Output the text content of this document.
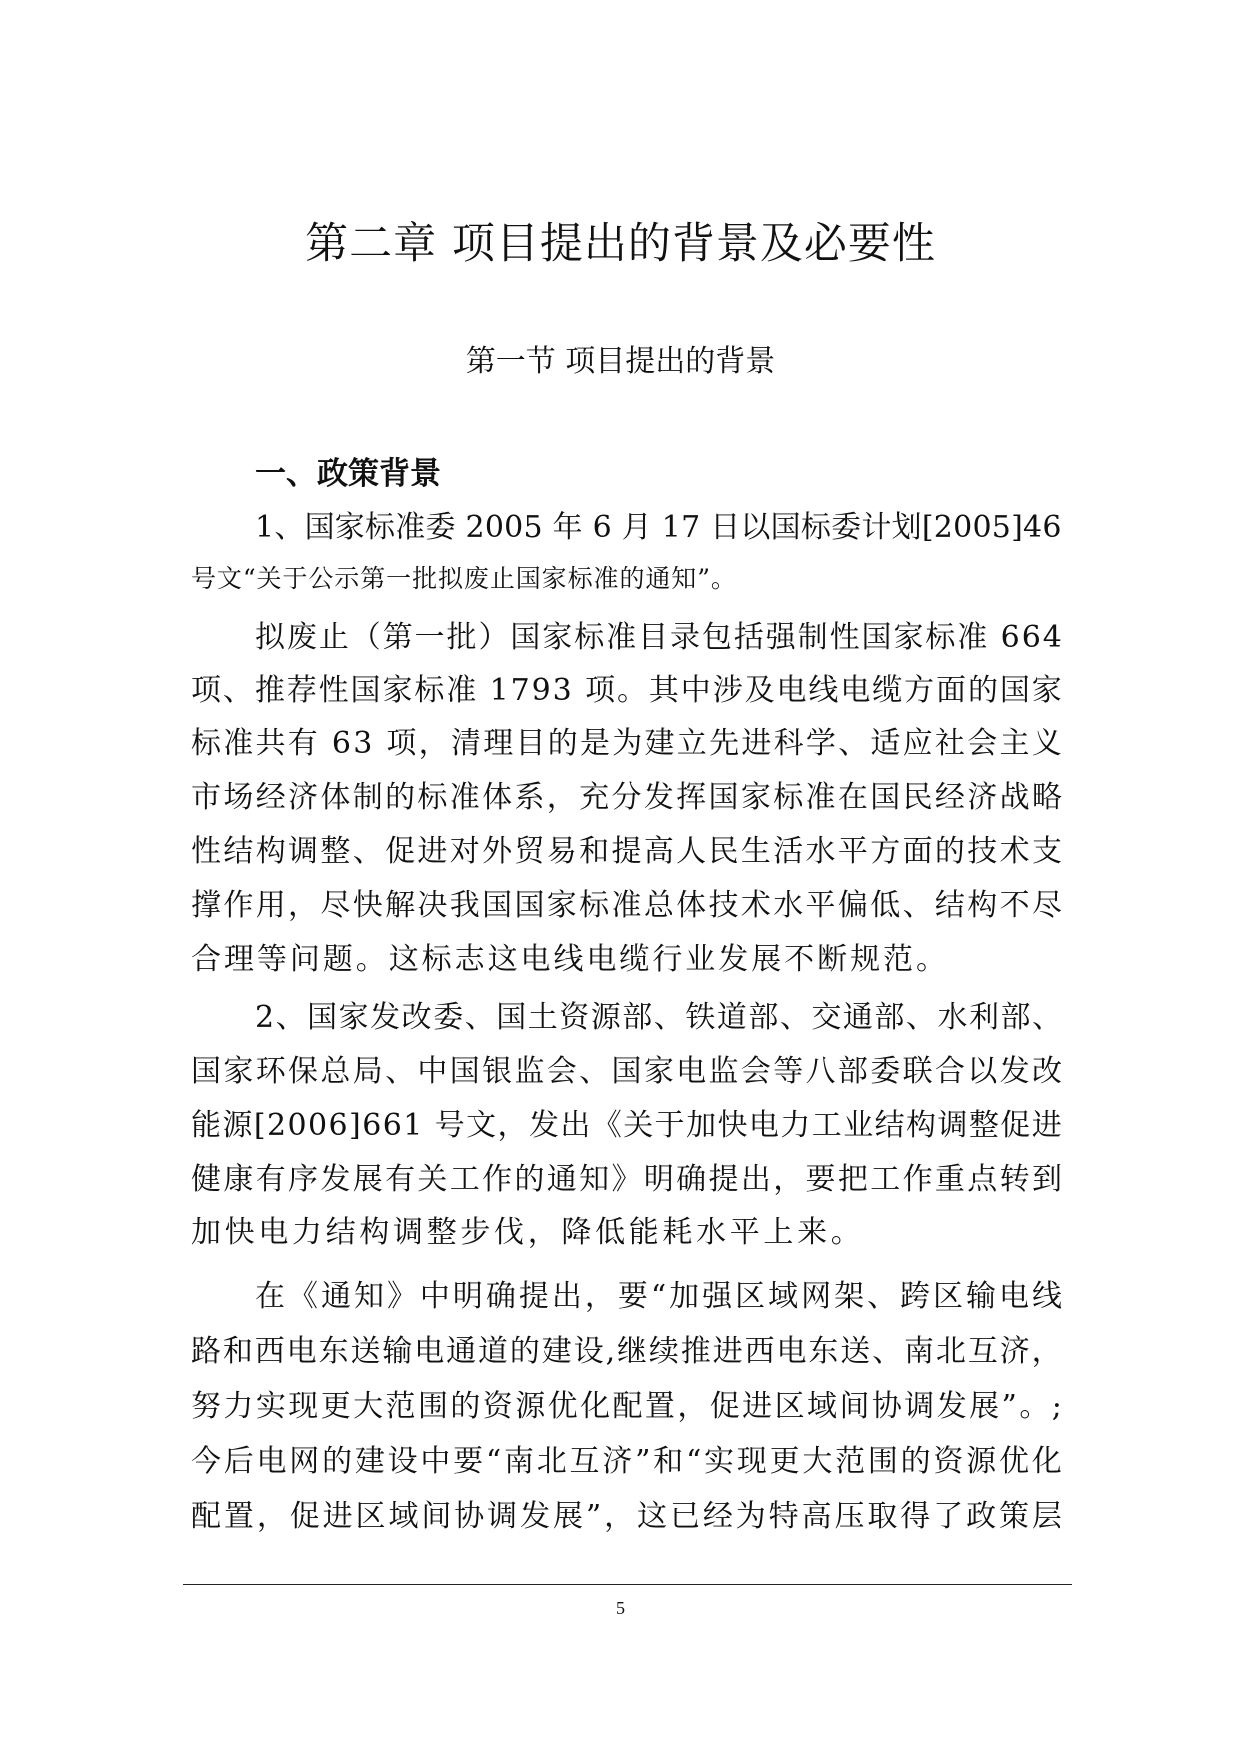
第二章 项目提出的背景及必要性
第一节 项目提出的背景
一、政策背景
1 、 国 家 标 准 委
2 0 0 5
年
6
月
1 7
日 以 国 标 委 计 划 [ 2 0 0 5 ] 4 6
号 文 “ 关 于 公 示 第 一 批 拟 废 止 国 家 标 准 的 通 知 ” 。
拟 废 止 （ 第 一 批 ） 国 家 标 准 目 录 包 括 强 制 性 国 家 标 准
6 6 4
项 、 推 荐 性 国 家 标 准
1 7 9 3
项 。 其 中 涉 及 电 线 电 缆 方 面 的 国 家
标 准 共 有
6 3
项 ， 清 理 目 的 是 为 建 立 先 进 科 学 、 适 应 社 会 主 义
市 场 经 济 体 制 的 标 准 体 系 ， 充 分 发 挥 国 家 标 准 在 国 民 经 济 战 略
性 结 构 调 整 、 促 进 对 外 贸 易 和 提 高 人 民 生 活 水 平 方 面 的 技 术 支
撑 作 用 ， 尽 快 解 决 我 国 国 家 标 准 总 体 技 术 水 平 偏 低 、 结 构 不 尽
合 理 等 问 题 。 这 标 志 这 电 线 电 缆 行 业 发 展 不 断 规 范 。
2 、 国 家 发 改 委 、 国 土 资 源 部 、 铁 道 部 、 交 通 部 、 水 利 部 、
国 家 环 保 总 局 、 中 国 银 监 会 、 国 家 电 监 会 等 八 部 委 联 合 以 发 改
能 源 [ 2 0 0 6 ] 6 6 1
号 文 ， 发 出 《 关 于 加 快 电 力 工 业 结 构 调 整 促 进
健 康 有 序 发 展 有 关 工 作 的 通 知 》 明 确 提 出 ， 要 把 工 作 重 点 转 到
加 快 电 力 结 构 调 整 步 伐 ， 降 低 能 耗 水 平 上 来 。
在 《 通 知 》 中 明 确 提 出 ， 要 “ 加 强 区 域 网 架 、 跨 区 输 电 线
路 和 西 电 东 送 输 电 通 道 的 建 设 , 继 续 推 进 西 电 东 送 、 南 北 互 济 ，
努 力 实 现 更 大 范 围 的 资 源 优 化 配 置 ， 促 进 区 域 间 协 调 发 展 ” 。 ;
今 后 电 网 的 建 设 中 要 “ 南 北 互 济 ” 和 “ 实 现 更 大 范 围 的 资 源 优 化
配 置 ， 促 进 区 域 间 协 调 发 展 ” ， 这 已 经 为 特 高 压 取 得 了 政 策 层
5
